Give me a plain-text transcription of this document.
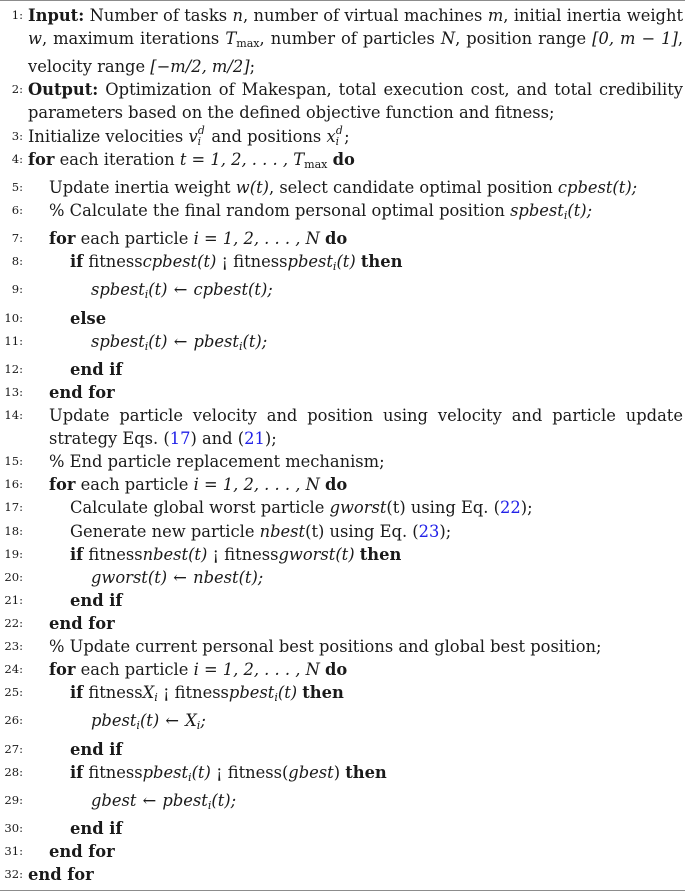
1: Input: Number of tasks n, number of virtual machines m, initial inertia weight w, maximum iterations $T_{max}$, number of particles N, position range [0, m − 1], velocity range [−m/2, m/2];
2: Output: Optimization of Makespan, total execution cost, and total credibility parameters based on the defined objective function and fitness;
3: Initialize velocities v d
i and positions x d
i ;
4: for each iteration t = 1, 2, . . . , $T_{max}$ do
5:	Update inertia weight w(t), select candidate optimal position cpbest(t);
6:	% Calculate the final random personal optimal position spbest$_i$(t);
7:	for each particle i = 1, 2, . . . , N do
8:	if fitnesscpbest(t) ¡ fitnesspbest$_i$(t) then
9:	spbest$_i$(t) ← cpbest(t);
10:	else
11:	spbest$_i$(t) ← pbest$_i$(t);
12:	end if
13:	end for
14:	Update particle velocity and position using velocity and particle update strategy Eqs. (17) and (21);
15:	% End particle replacement mechanism;
16:	for each particle i = 1, 2, . . . , N do
17:	Calculate global worst particle gworst(t) using Eq. (22);
18:	Generate new particle nbest(t) using Eq. (23);
19:	if fitnessnbest(t) ¡ fitnessgworst(t) then
20:	gworst(t) ← nbest(t);
21:	end if
22:	end for
23:	% Update current personal best positions and global best position;
24:	for each particle i = 1, 2, . . . , N do
25:	if fitnessX$_i$ ¡ fitnesspbest$_i$(t) then
26:	pbest$_i$(t) ← $X_i$;
27:	end if
28:	if fitnesspbest$_i$(t) ¡ fitness(gbest) then
29:	gbest ← pbest$_i$(t);
30:	end if
31:	end for
32: end for
